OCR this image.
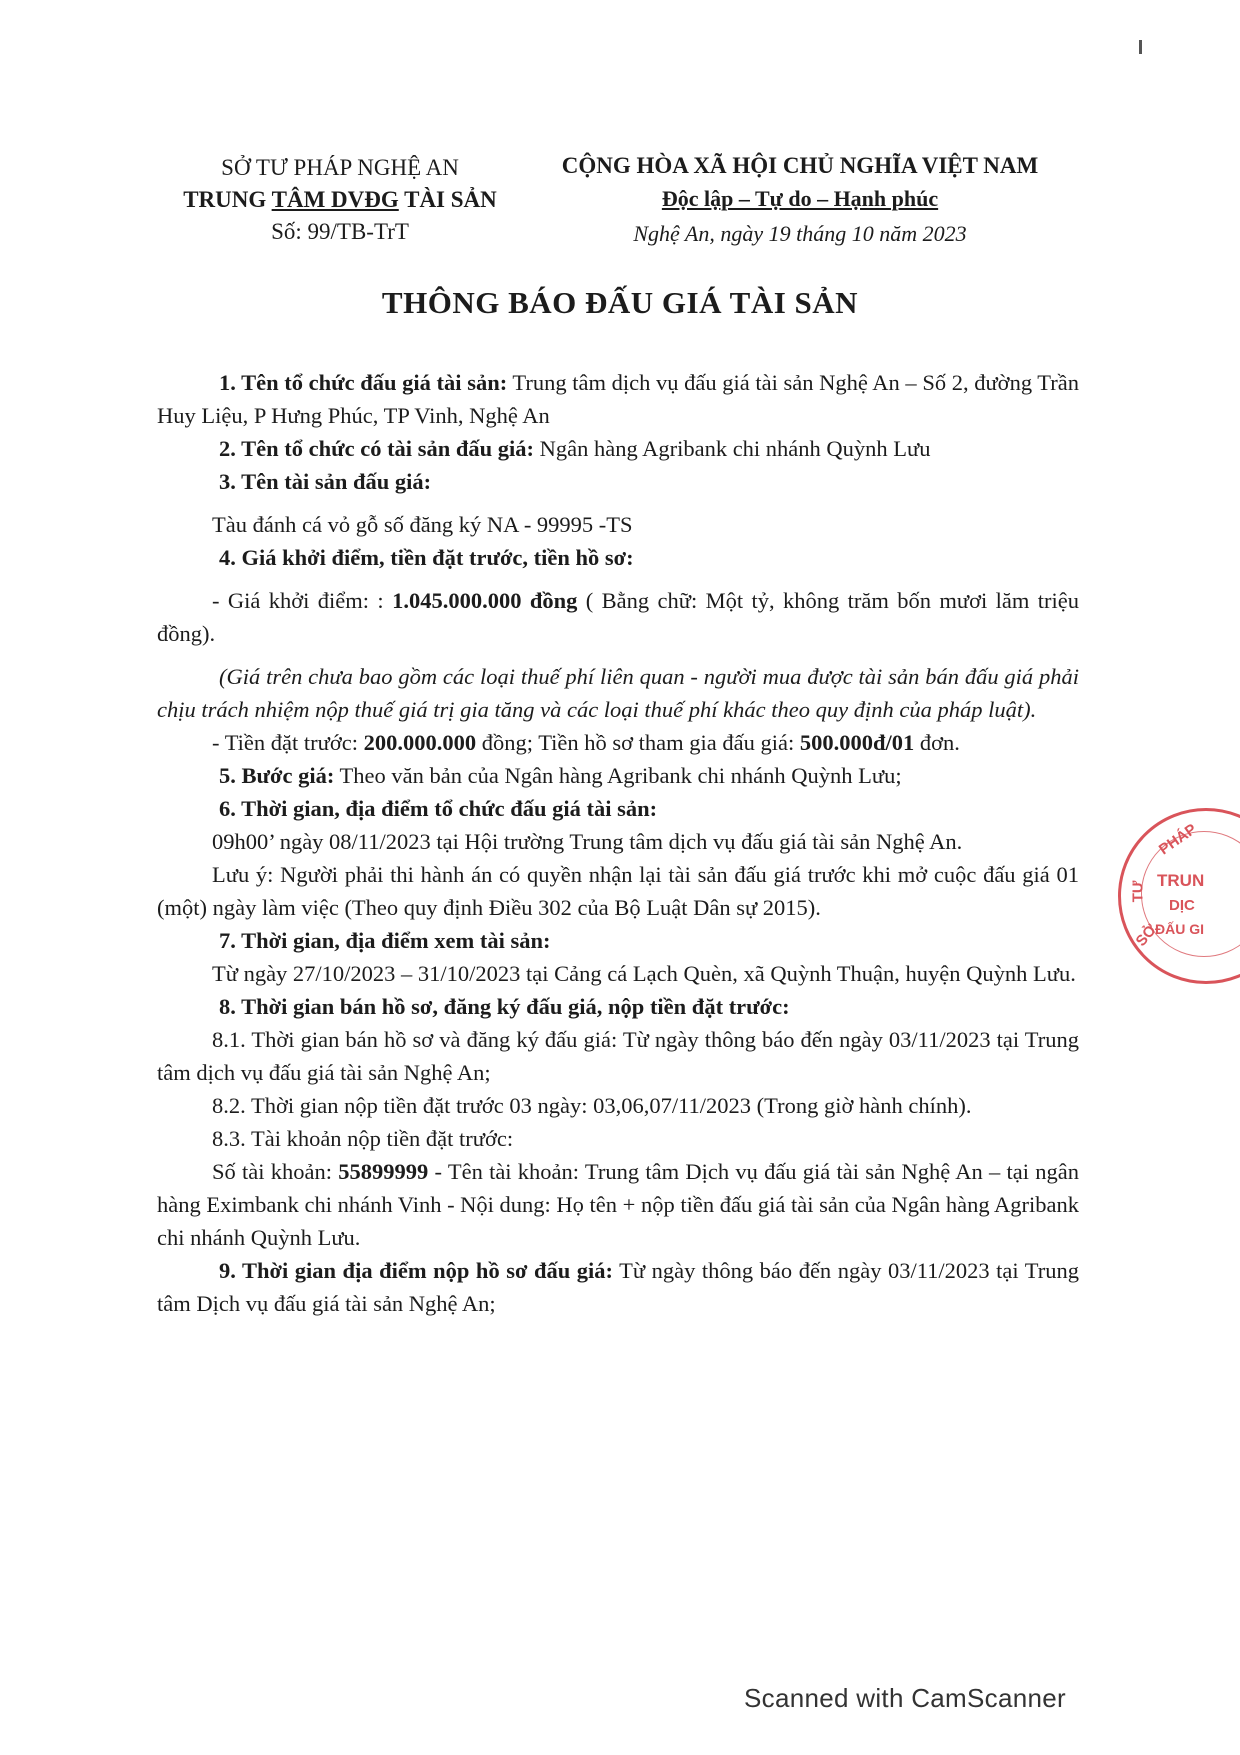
SỞ TƯ PHÁP NGHỆ AN
TRUNG TÂM DVĐG TÀI SẢN
Số: 99/TB-TrT
CỘNG HÒA XÃ HỘI CHỦ NGHĨA VIỆT NAM
Độc lập – Tự do – Hạnh phúc
Nghệ An, ngày 19 tháng 10 năm 2023
THÔNG BÁO ĐẤU GIÁ TÀI SẢN

1. Tên tổ chức đấu giá tài sản: Trung tâm dịch vụ đấu giá tài sản Nghệ An – Số 2, đường Trần Huy Liệu, P Hưng Phúc, TP Vinh, Nghệ An

2. Tên tổ chức có tài sản đấu giá: Ngân hàng Agribank chi nhánh Quỳnh Lưu

3. Tên tài sản đấu giá:

Tàu đánh cá vỏ gỗ số đăng ký NA - 99995 -TS

4. Giá khởi điểm, tiền đặt trước, tiền hồ sơ:

- Giá khởi điểm: : 1.045.000.000 đồng ( Bằng chữ: Một tỷ, không trăm bốn mươi lăm triệu đồng).

(Giá trên chưa bao gồm các loại thuế phí liên quan - người mua được tài sản bán đấu giá phải chịu trách nhiệm nộp thuế giá trị gia tăng và các loại thuế phí khác theo quy định của pháp luật).

- Tiền đặt trước: 200.000.000 đồng; Tiền hồ sơ tham gia đấu giá: 500.000đ/01 đơn.

5. Bước giá: Theo văn bản của Ngân hàng Agribank chi nhánh Quỳnh Lưu;

6. Thời gian, địa điểm tổ chức đấu giá tài sản:

09h00’ ngày 08/11/2023 tại Hội trường Trung tâm dịch vụ đấu giá tài sản Nghệ An.

Lưu ý: Người phải thi hành án có quyền nhận lại tài sản đấu giá trước khi mở cuộc đấu giá 01 (một) ngày làm việc (Theo quy định Điều 302 của Bộ Luật Dân sự 2015).

7. Thời gian, địa điểm xem tài sản:

Từ ngày 27/10/2023 – 31/10/2023 tại Cảng cá Lạch Quèn, xã Quỳnh Thuận, huyện Quỳnh Lưu.

8. Thời gian bán hồ sơ, đăng ký đấu giá, nộp tiền đặt trước:

8.1. Thời gian bán hồ sơ và đăng ký đấu giá: Từ ngày thông báo đến ngày 03/11/2023 tại Trung tâm dịch vụ đấu giá tài sản Nghệ An;

8.2. Thời gian nộp tiền đặt trước 03 ngày: 03,06,07/11/2023 (Trong giờ hành chính).

8.3. Tài khoản nộp tiền đặt trước:

Số tài khoản: 55899999 - Tên tài khoản: Trung tâm Dịch vụ đấu giá tài sản Nghệ An – tại ngân hàng Eximbank chi nhánh Vinh - Nội dung: Họ tên + nộp tiền đấu giá tài sản của Ngân hàng Agribank chi nhánh Quỳnh Lưu.

9. Thời gian địa điểm nộp hồ sơ đấu giá: Từ ngày thông báo đến ngày 03/11/2023 tại Trung tâm Dịch vụ đấu giá tài sản Nghệ An;

PHÁP
TRUN
DỊC
ĐẤU GI
TƯ
SỞ
Scanned with CamScanner
